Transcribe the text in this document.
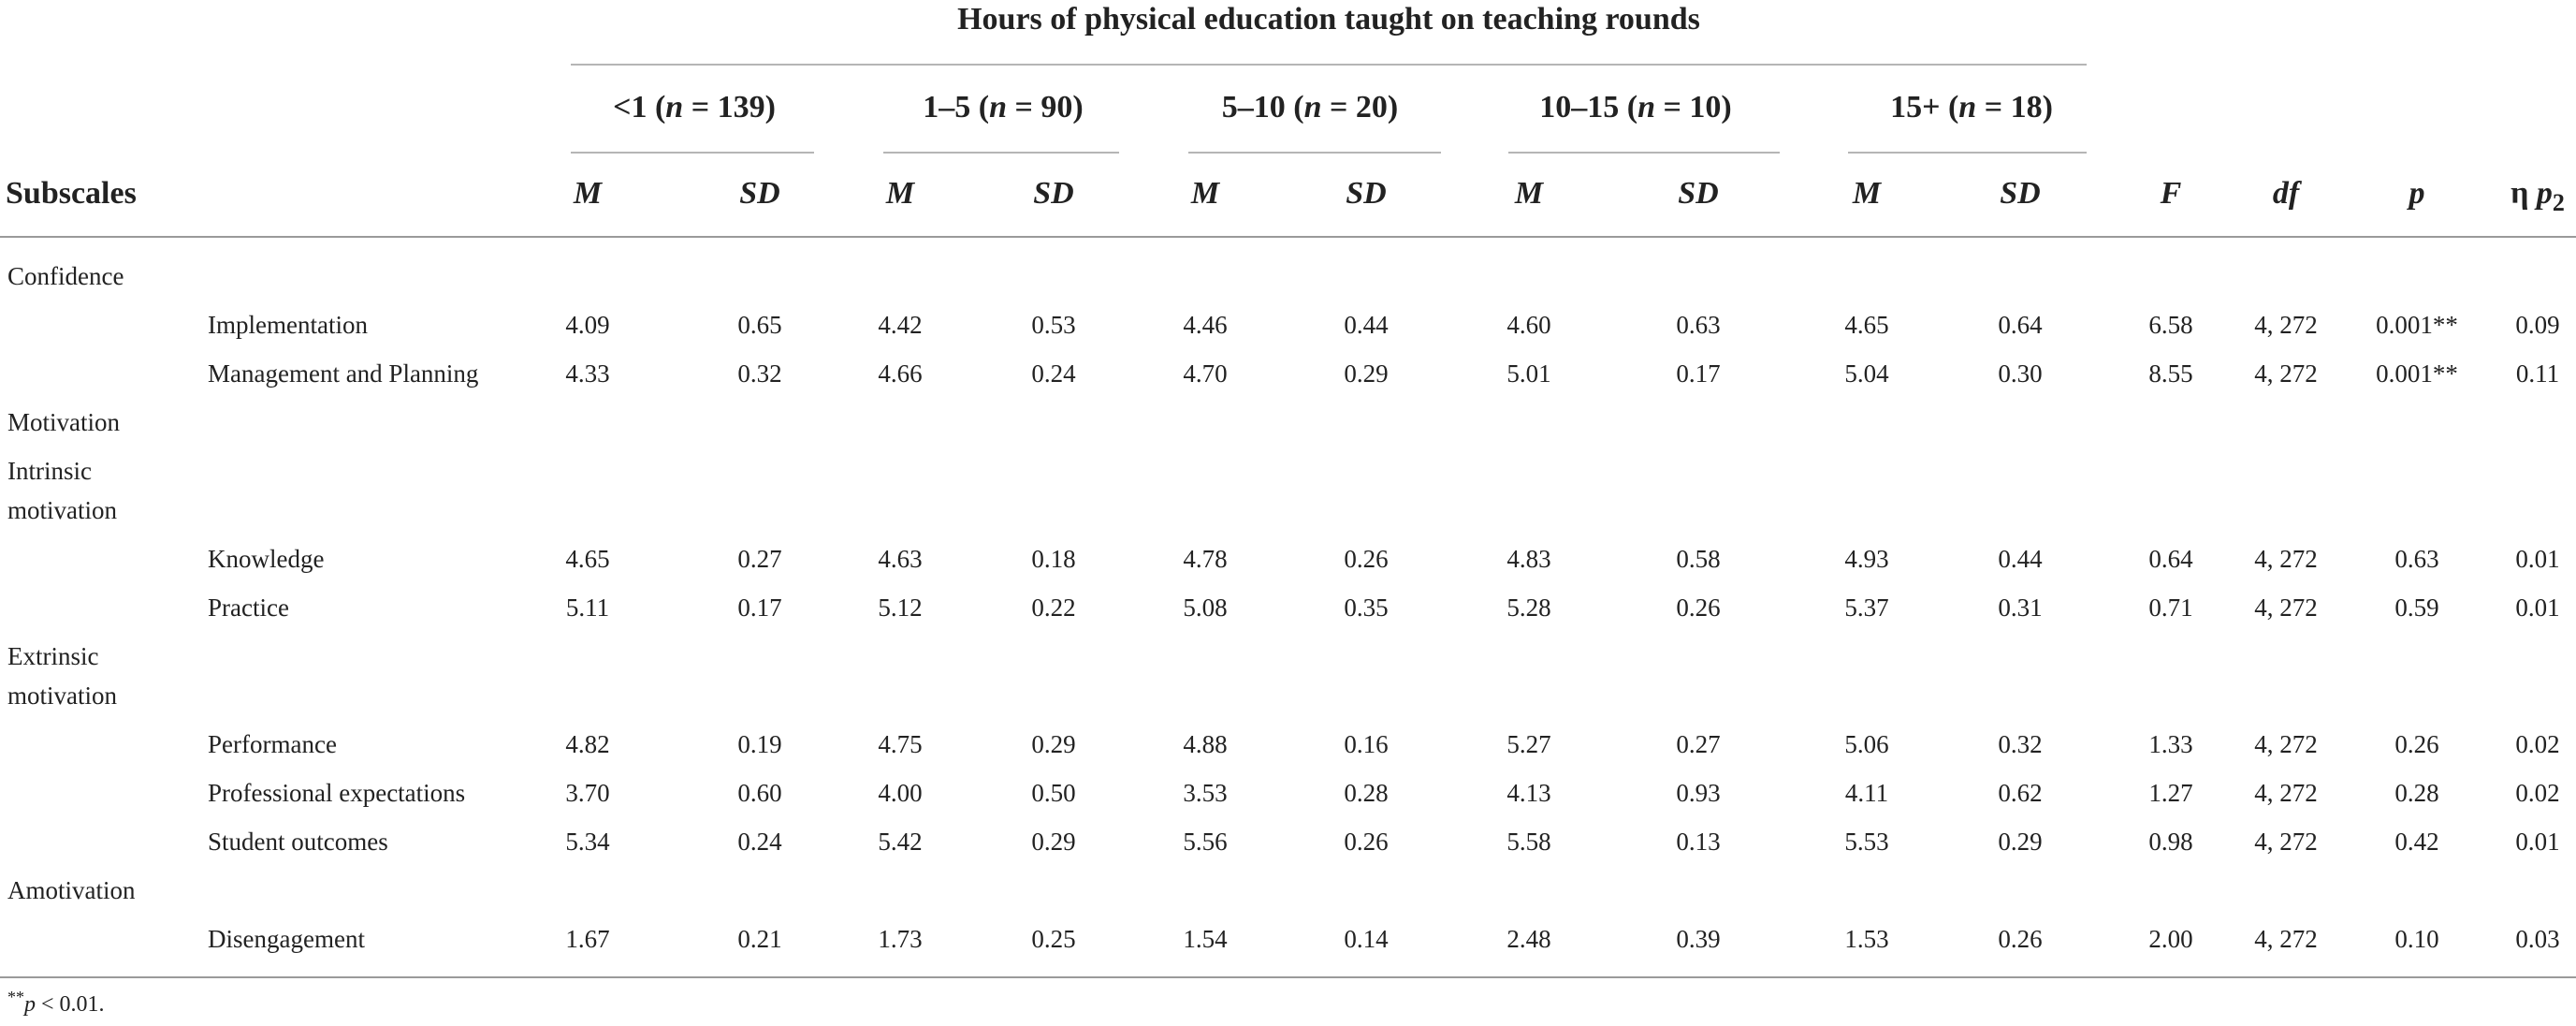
Hours of physical education taught on teaching rounds
<1 (n = 139)	1–5 (n = 90)	5–10 (n = 20)	10–15 (n = 10)	15+ (n = 18)
Subscales	M	SD	M	SD	M	SD	M	SD	M	SD	F	df	p	η $p_2$
Confidence
Implementation	4.09	0.65	4.42	0.53	4.46	0.44	4.60	0.63	4.65	0.64	6.58	4, 272	0.001**	0.09
Management and Planning	4.33	0.32	4.66	0.24	4.70	0.29	5.01	0.17	5.04	0.30	8.55	4, 272	0.001**	0.11
Motivation
Intrinsic
motivation
Knowledge	4.65	0.27	4.63	0.18	4.78	0.26	4.83	0.58	4.93	0.44	0.64	4, 272	0.63	0.01
Practice	5.11	0.17	5.12	0.22	5.08	0.35	5.28	0.26	5.37	0.31	0.71	4, 272	0.59	0.01
Extrinsic
motivation
Performance	4.82	0.19	4.75	0.29	4.88	0.16	5.27	0.27	5.06	0.32	1.33	4, 272	0.26	0.02
Professional expectations	3.70	0.60	4.00	0.50	3.53	0.28	4.13	0.93	4.11	0.62	1.27	4, 272	0.28	0.02
Student outcomes	5.34	0.24	5.42	0.29	5.56	0.26	5.58	0.13	5.53	0.29	0.98	4, 272	0.42	0.01
Amotivation
Disengagement	1.67	0.21	1.73	0.25	1.54	0.14	2.48	0.39	1.53	0.26	2.00	4, 272	0.10	0.03
**p < 0.01.
